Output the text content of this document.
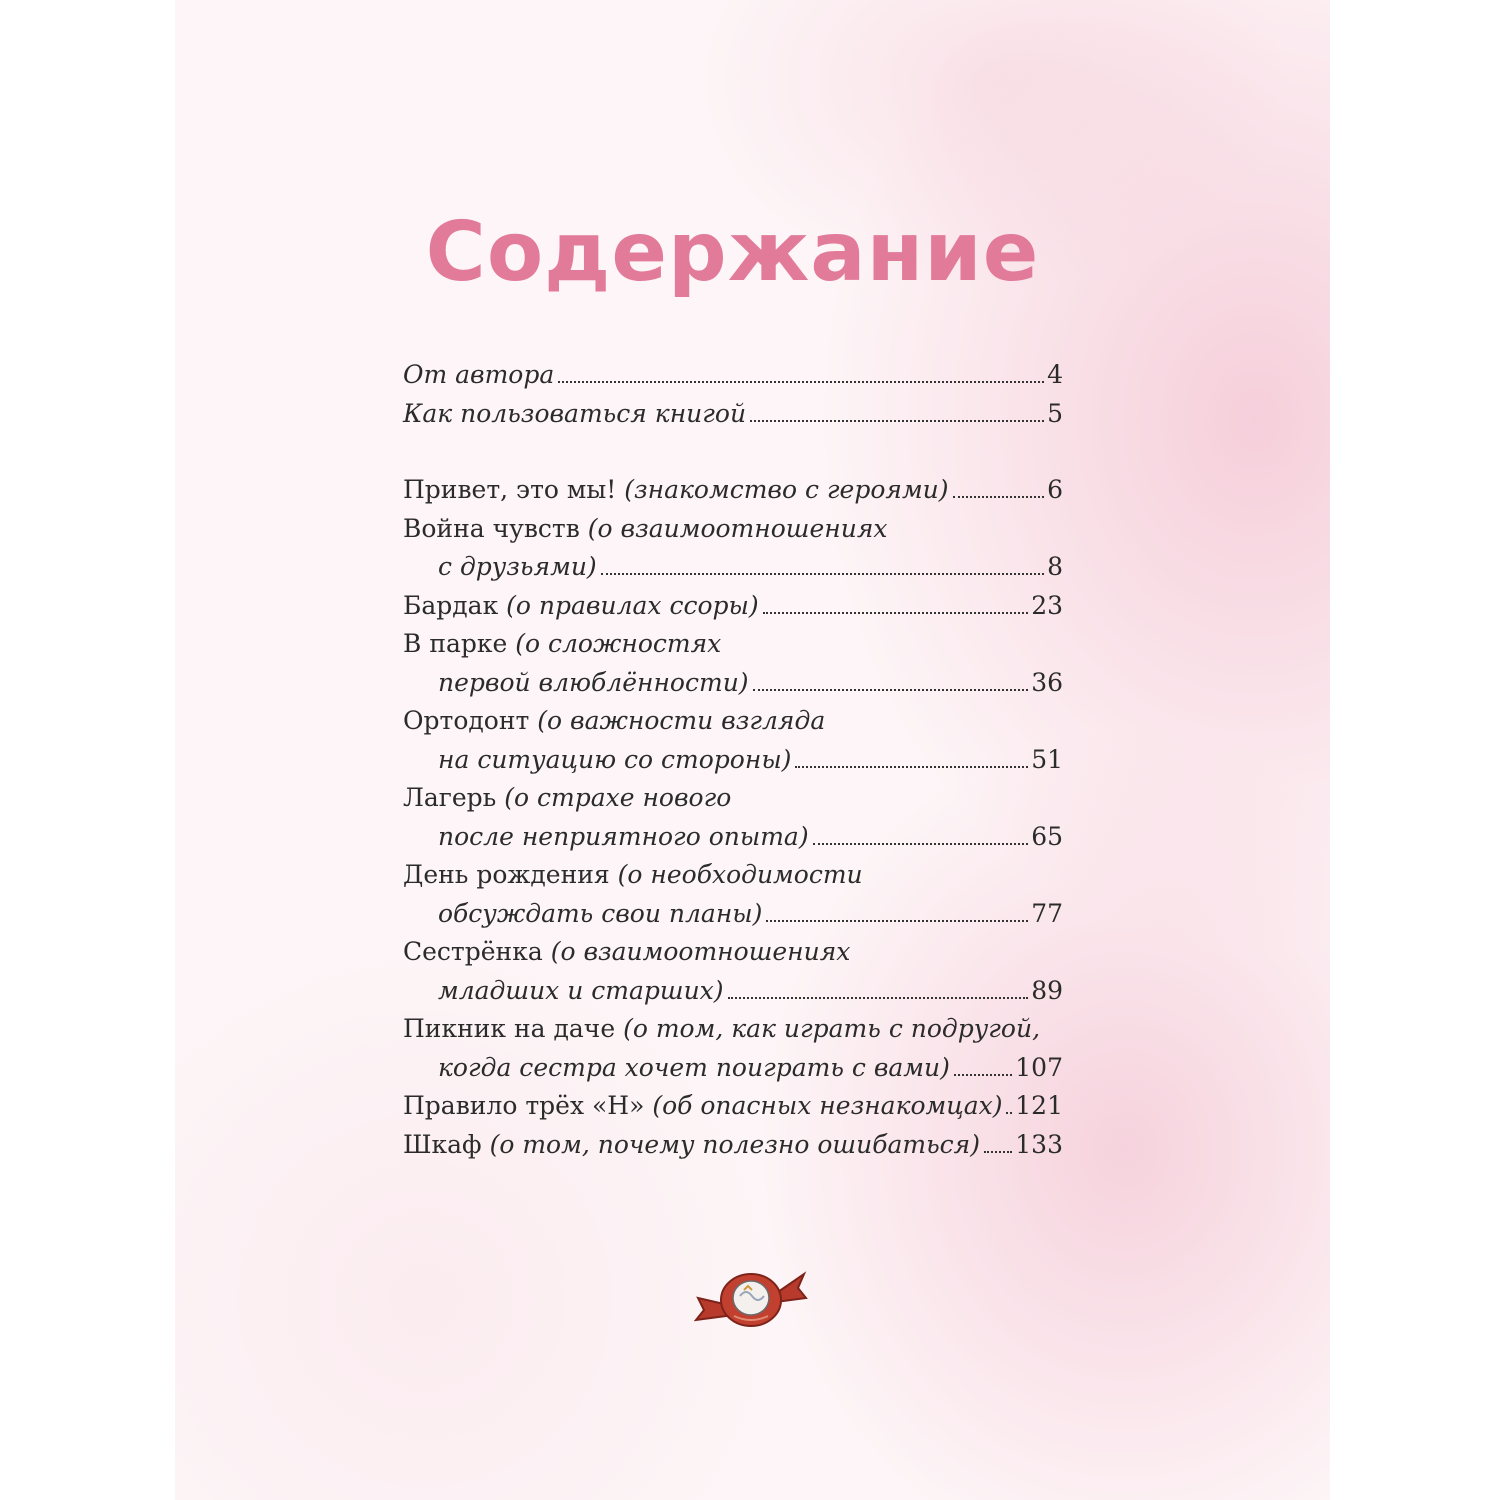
Содержание
От автора	4
Как пользоваться книгой	5
Привет, это мы! (знакомство с героями)	6
Война чувств (о взаимоотношениях
с друзьями)	8
Бардак (о правилах ссоры)	23
В парке (о сложностях
первой влюблённости)	36
Ортодонт (о важности взгляда
на ситуацию со стороны)	51
Лагерь (о страхе нового
после неприятного опыта)	65
День рождения (о необходимости
обсуждать свои планы)	77
Сестрёнка (о взаимоотношениях
младших и старших)	89
Пикник на даче (о том, как играть с подругой,
когда сестра хочет поиграть с вами)	107
Правило трёх «Н» (об опасных незнакомцах) 121
Шкаф (о том, почему полезно ошибаться) 133
